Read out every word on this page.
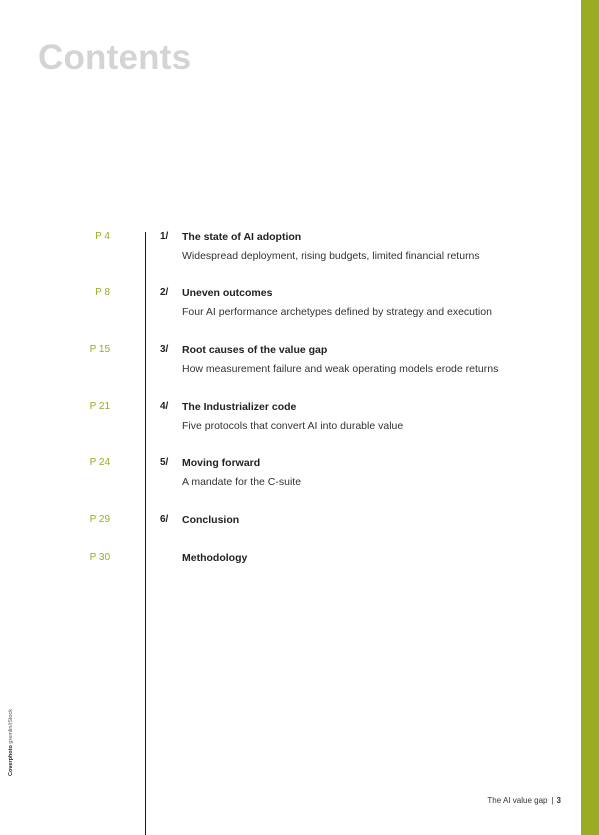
Contents
P 4	1/ The state of AI adoption
Widespread deployment, rising budgets, limited financial returns
P 8	2/ Uneven outcomes
Four AI performance archetypes defined by strategy and execution
P 15	3/ Root causes of the value gap
How measurement failure and weak operating models erode returns
P 21	4/ The Industrializer code
Five protocols that convert AI into durable value
P 24	5/ Moving forward
A mandate for the C-suite
P 29	6/ Conclusion
P 30	Methodology
Coverphoto gremlin/iStock
The AI value gap | 3
